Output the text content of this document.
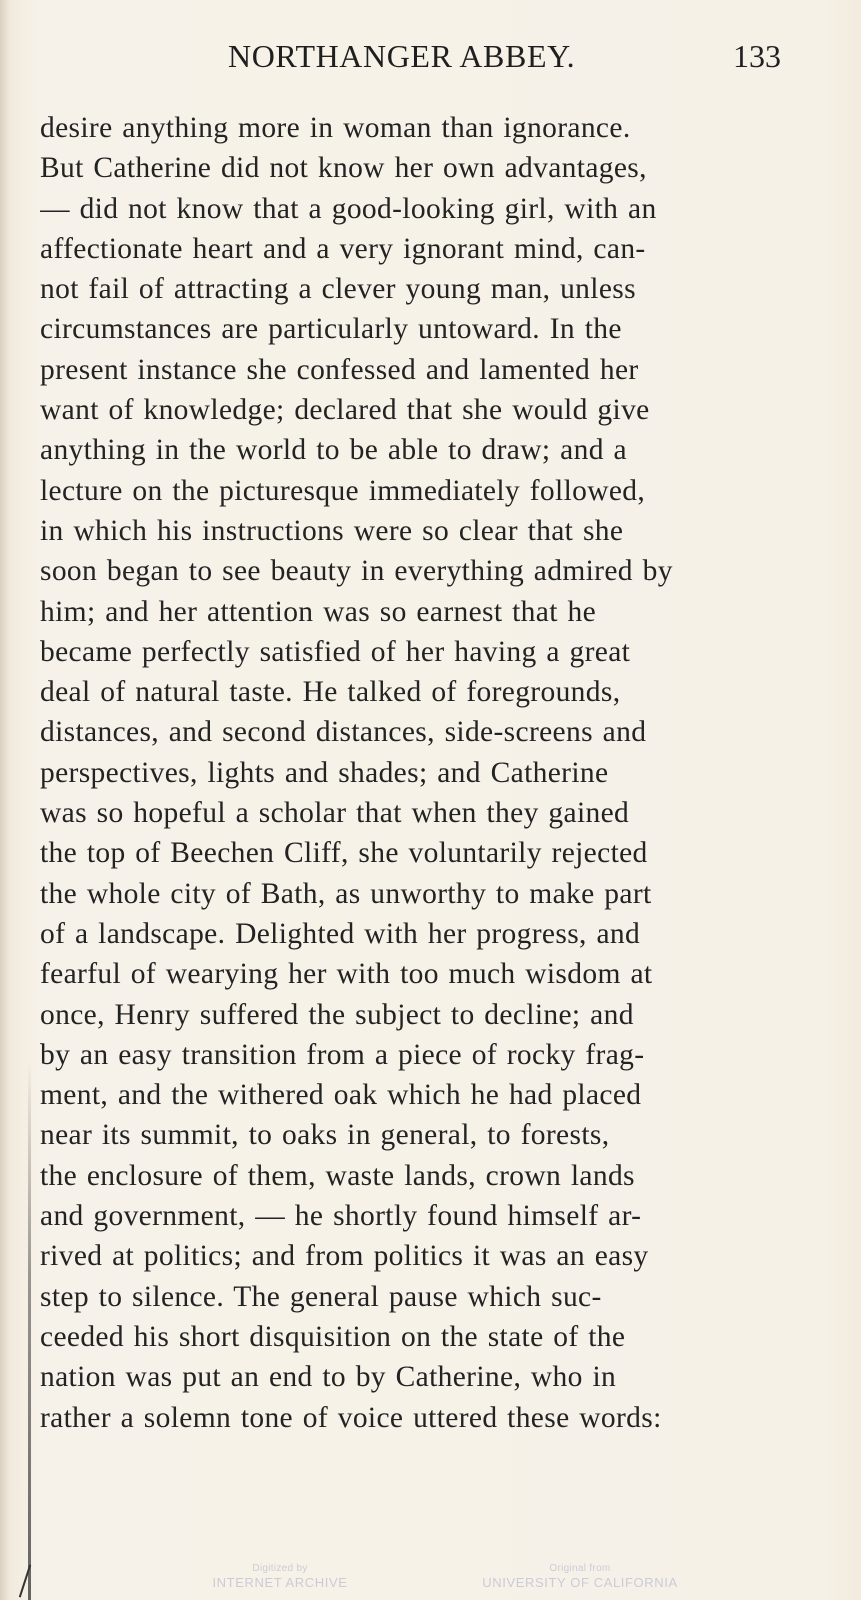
NORTHANGER ABBEY.	133
desire anything more in woman than ignorance.
But Catherine did not know her own advantages,
— did not know that a good-looking girl, with an
affectionate heart and a very ignorant mind, can-
not fail of attracting a clever young man, unless
circumstances are particularly untoward. In the
present instance she confessed and lamented her
want of knowledge; declared that she would give
anything in the world to be able to draw; and a
lecture on the picturesque immediately followed,
in which his instructions were so clear that she
soon began to see beauty in everything admired by
him; and her attention was so earnest that he
became perfectly satisfied of her having a great
deal of natural taste. He talked of foregrounds,
distances, and second distances, side-screens and
perspectives, lights and shades; and Catherine
was so hopeful a scholar that when they gained
the top of Beechen Cliff, she voluntarily rejected
the whole city of Bath, as unworthy to make part
of a landscape. Delighted with her progress, and
fearful of wearying her with too much wisdom at
once, Henry suffered the subject to decline; and
by an easy transition from a piece of rocky frag-
ment, and the withered oak which he had placed
near its summit, to oaks in general, to forests,
the enclosure of them, waste lands, crown lands
and government, — he shortly found himself ar-
rived at politics; and from politics it was an easy
step to silence. The general pause which suc-
ceeded his short disquisition on the state of the
nation was put an end to by Catherine, who in
rather a solemn tone of voice uttered these words:
Digitized by
INTERNET ARCHIVE
Original from
UNIVERSITY OF CALIFORNIA
